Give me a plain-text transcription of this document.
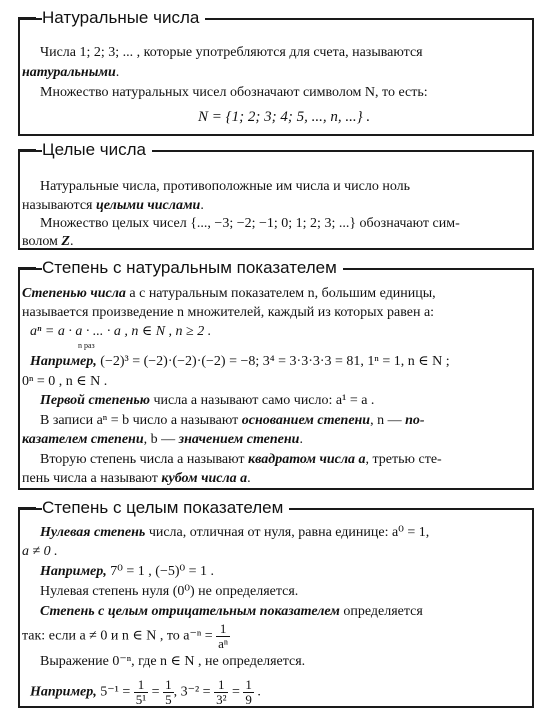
Натуральные числа
Числа 1; 2; 3; ... , которые употребляются для счета, называются
натуральными.
Множество натуральных чисел обозначают символом N, то есть:
N = {1; 2; 3; 4; 5, ..., n, ...} .
Целые числа
Натуральные числа, противоположные им числа и число ноль
называются целыми числами.
Множество целых чисел {..., −3; −2; −1; 0; 1; 2; 3; ...} обозначают сим-
волом Z.
Степень с натуральным показателем
Степенью числа a с натуральным показателем n, большим единицы,
называется произведение n множителей, каждый из которых равен a:
aⁿ = a · a · ... · a , n ∈ N , n ≥ 2 .
n раз
Например, (−2)³ = (−2)·(−2)·(−2) = −8; 3⁴ = 3·3·3·3 = 81, 1ⁿ = 1, n ∈ N ;
0ⁿ = 0 , n ∈ N .
Первой степенью числа a называют само число: a¹ = a .
В записи aⁿ = b число a называют основанием степени, n — по-
казателем степени, b — значением степени.
Вторую степень числа a называют квадратом числа a, третью сте-
пень числа a называют кубом числа a.
Степень с целым показателем
Нулевая степень числа, отличная от нуля, равна единице: a⁰ = 1,
a ≠ 0 .
Например, 7⁰ = 1 , (−5)⁰ = 1 .
Нулевая степень нуля (0⁰) не определяется.
Степень с целым отрицательным показателем определяется
так: если a ≠ 0 и n ∈ N , то $a^{-n} = \frac{1}{\text{aⁿ}}$
Выражение 0⁻ⁿ, где n ∈ N , не определяется.
Например, $5^{-1} = \frac{1}{\text{5¹}} = \frac{1}{5}$ , $3^{-2} = \frac{1}{\text{3²}} = \frac{1}{9}$ .
